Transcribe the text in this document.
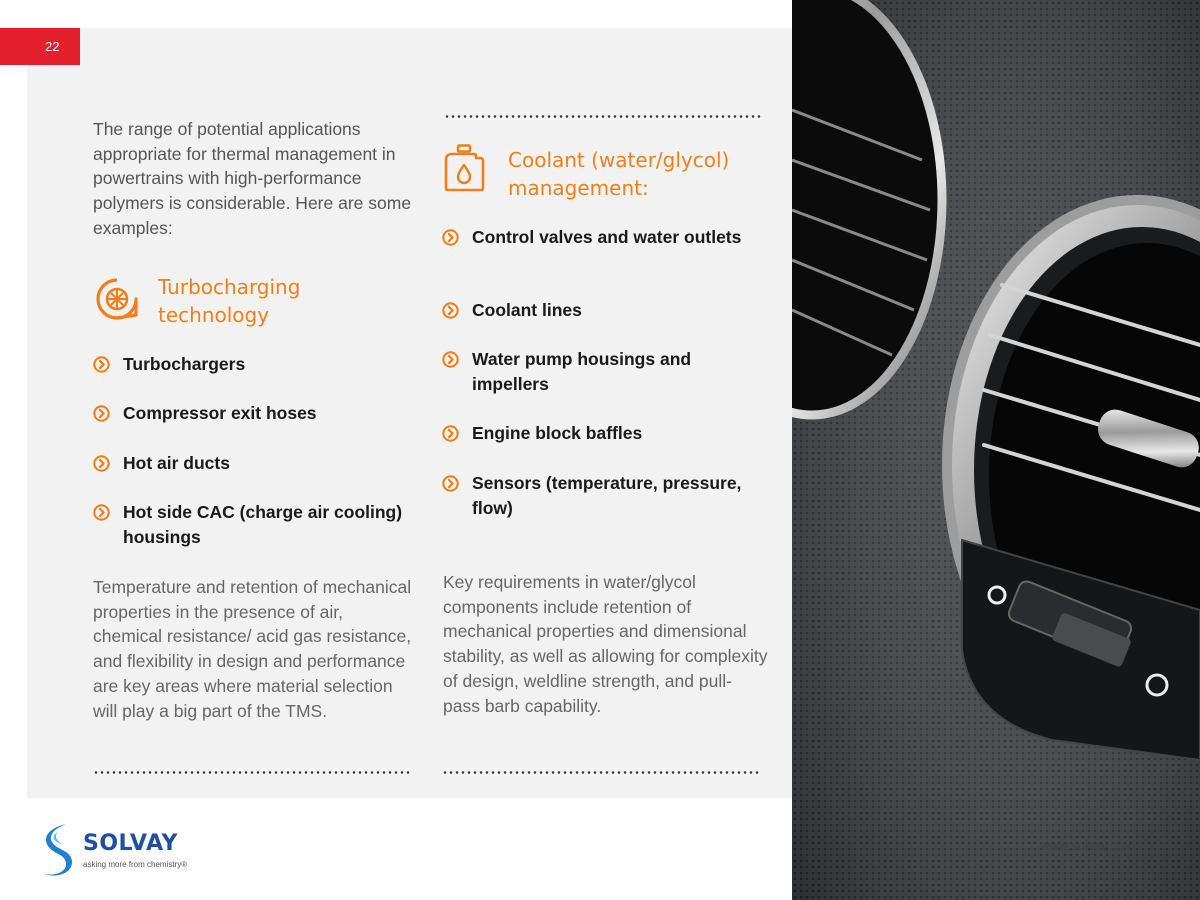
22

The range of potential applications appropriate for thermal management in powertrains with high-performance polymers is considerable. Here are some examples:

Turbocharging
technology
Turbochargers
Compressor exit hoses
Hot air ducts
Hot side CAC (charge air cooling) housings

Temperature and retention of mechanical properties in the presence of air, chemical resistance/ acid gas resistance, and flexibility in design and performance are key areas where material selection will play a big part of the TMS.

Coolant (water/glycol)
management:
Control valves and water outlets
Coolant lines
Water pump housings and impellers
Engine block baffles
Sensors (temperature, pressure, flow)

Key requirements in water/glycol components include retention of mechanical properties and dimensional stability, as well as allowing for complexity of design, weldline strength, and pull-pass barb capability.

SOLVAY
asking more from chemistry®
www.solvay.com
